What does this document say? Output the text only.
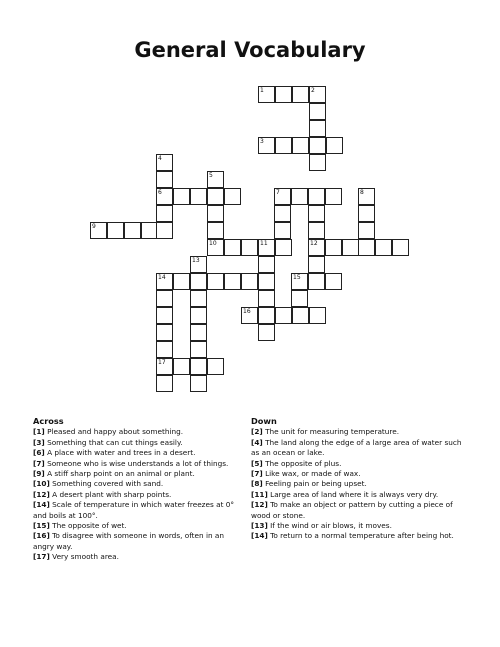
General Vocabulary
1	2
3
4
5
6	7	8
9
10	11	12
13
14	15
16
17
Across
[1] Pleased and happy about something.
[3] Something that can cut things easily.
[6] A place with water and trees in a desert.
[7] Someone who is wise understands a lot of things.
[9] A stiff sharp point on an animal or plant.
[10] Something covered with sand.
[12] A desert plant with sharp points.
[14] Scale of temperature in which water freezes at 0° and boils at 100°.
[15] The opposite of wet.
[16] To disagree with someone in words, often in an angry way.
[17] Very smooth area.
Down
[2] The unit for measuring temperature.
[4] The land along the edge of a large area of water such as an ocean or lake.
[5] The opposite of plus.
[7] Like wax, or made of wax.
[8] Feeling pain or being upset.
[11] Large area of land where it is always very dry.
[12] To make an object or pattern by cutting a piece of wood or stone.
[13] If the wind or air blows, it moves.
[14] To return to a normal temperature after being hot.
